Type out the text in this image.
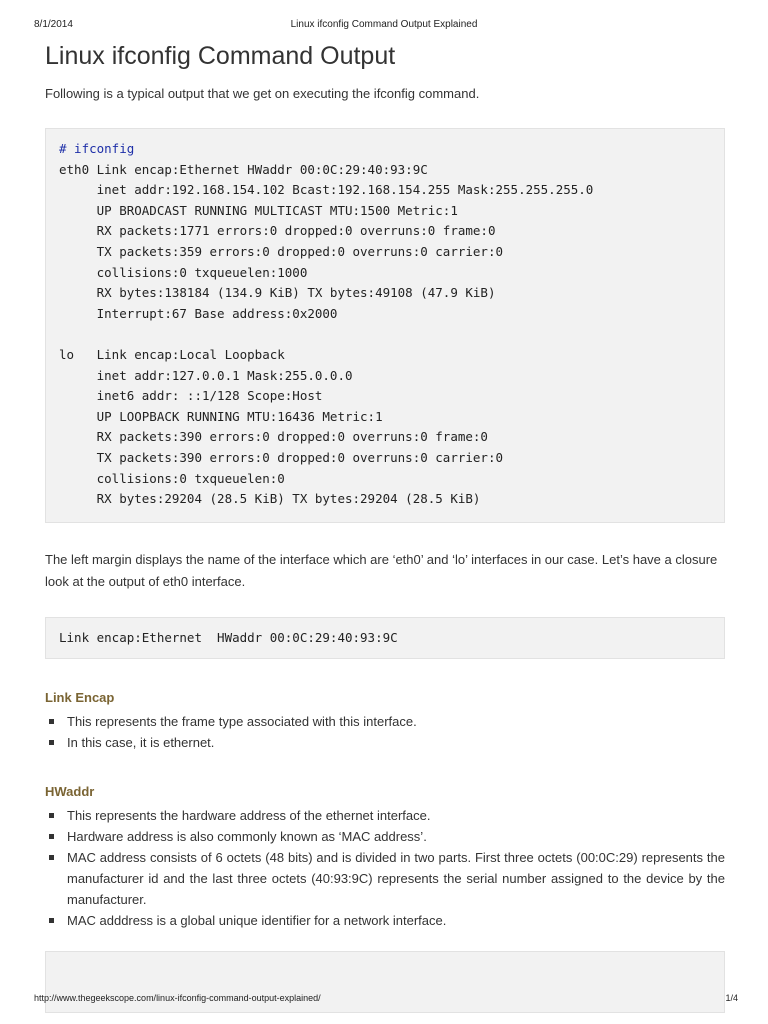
8/1/2014	Linux ifconfig Command Output Explained
Linux ifconfig Command Output

Following is a typical output that we get on executing the ifconfig command.

# ifconfig
eth0 Link encap:Ethernet HWaddr 00:0C:29:40:93:9C
inet addr:192.168.154.102 Bcast:192.168.154.255 Mask:255.255.255.0
UP BROADCAST RUNNING MULTICAST MTU:1500 Metric:1
RX packets:1771 errors:0 dropped:0 overruns:0 frame:0
TX packets:359 errors:0 dropped:0 overruns:0 carrier:0
collisions:0 txqueuelen:1000
RX bytes:138184 (134.9 KiB) TX bytes:49108 (47.9 KiB)
Interrupt:67 Base address:0x2000
lo   Link encap:Local Loopback
inet addr:127.0.0.1 Mask:255.0.0.0
inet6 addr: ::1/128 Scope:Host
UP LOOPBACK RUNNING MTU:16436 Metric:1
RX packets:390 errors:0 dropped:0 overruns:0 frame:0
TX packets:390 errors:0 dropped:0 overruns:0 carrier:0
collisions:0 txqueuelen:0
RX bytes:29204 (28.5 KiB) TX bytes:29204 (28.5 KiB)

The left margin displays the name of the interface which are ‘eth0’ and ‘lo’ interfaces in our case. Let’s have a closure look at the output of eth0 interface.

Link encap:Ethernet  HWaddr 00:0C:29:40:93:9C
Link Encap
This represents the frame type associated with this interface.
In this case, it is ethernet.
HWaddr
This represents the hardware address of the ethernet interface.
Hardware address is also commonly known as ‘MAC address’.
MAC address consists of 6 octets (48 bits) and is divided in two parts. First three octets (00:0C:29) represents the manufacturer id and the last three octets (40:93:9C) represents the serial number assigned to the device by the manufacturer.
MAC adddress is a global unique identifier for a network interface.
http://www.thegeekscope.com/linux-ifconfig-command-output-explained/	1/4
